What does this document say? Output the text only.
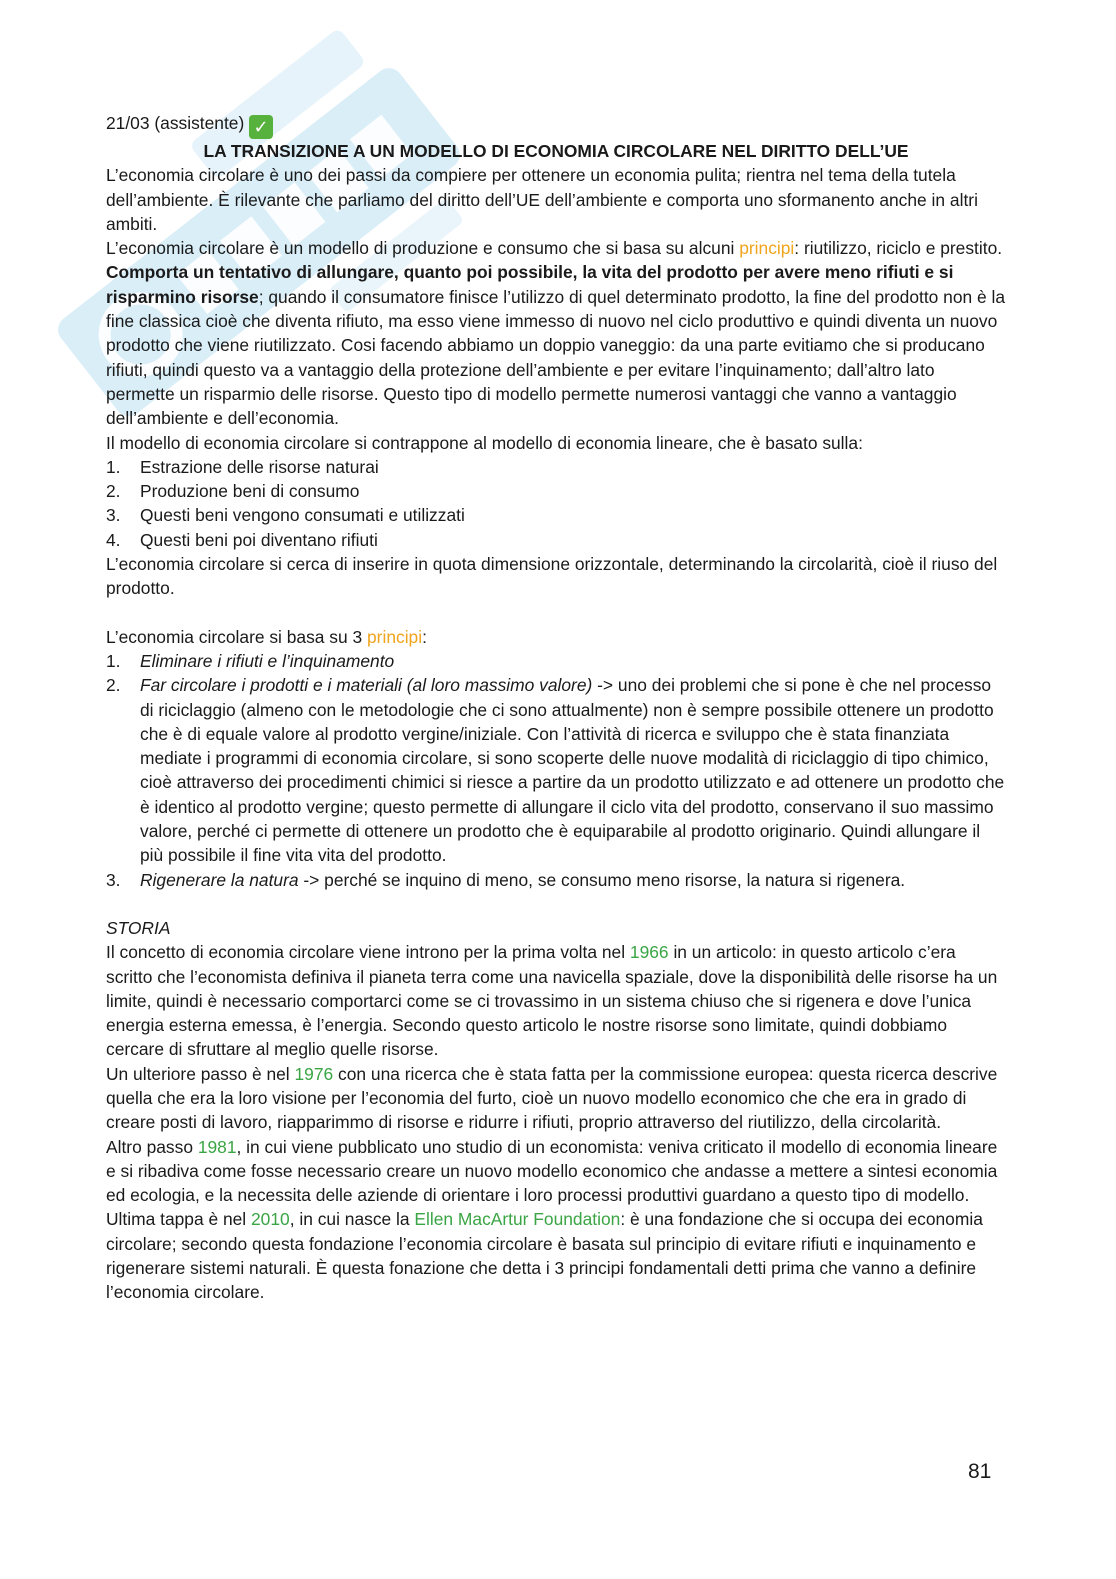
21/03 (assistente) ✓

LA TRANSIZIONE A UN MODELLO DI ECONOMIA CIRCOLARE NEL DIRITTO DELL’UE

L’economia circolare è uno dei passi da compiere per ottenere un economia pulita; rientra nel tema della tutela dell’ambiente. È rilevante che parliamo del diritto dell’UE dell’ambiente e comporta uno sformanento anche in altri ambiti.

L’economia circolare è un modello di produzione e consumo che si basa su alcuni principi: riutilizzo, riciclo e prestito. Comporta un tentativo di allungare, quanto poi possibile, la vita del prodotto per avere meno rifiuti e si risparmino risorse; quando il consumatore finisce l’utilizzo di quel determinato prodotto, la fine del prodotto non è la fine classica cioè che diventa rifiuto, ma esso viene immesso di nuovo nel ciclo produttivo e quindi diventa un nuovo prodotto che viene riutilizzato. Cosi facendo abbiamo un doppio vaneggio: da una parte evitiamo che si producano rifiuti, quindi questo va a vantaggio della protezione dell’ambiente e per evitare l’inquinamento; dall’altro lato permette un risparmio delle risorse. Questo tipo di modello permette numerosi vantaggi che vanno a vantaggio dell’ambiente e dell’economia.

Il modello di economia circolare si contrappone al modello di economia lineare, che è basato sulla:

1. Estrazione delle risorse naturai
2. Produzione beni di consumo
3. Questi beni vengono consumati e utilizzati
4. Questi beni poi diventano rifiuti

L’economia circolare si cerca di inserire in quota dimensione orizzontale, determinando la circolarità, cioè il riuso del prodotto.

L’economia circolare si basa su 3 principi:

1. Eliminare i rifiuti e l’inquinamento
2. Far circolare i prodotti e i materiali (al loro massimo valore) -> uno dei problemi che si pone è che nel processo di riciclaggio (almeno con le metodologie che ci sono attualmente) non è sempre possibile ottenere un prodotto che è di equale valore al prodotto vergine/iniziale. Con l’attività di ricerca e sviluppo che è stata finanziata mediate i programmi di economia circolare, si sono scoperte delle nuove modalità di riciclaggio di tipo chimico, cioè attraverso dei procedimenti chimici si riesce a partire da un prodotto utilizzato e ad ottenere un prodotto che è identico al prodotto vergine; questo permette di allungare il ciclo vita del prodotto, conservano il suo massimo valore, perché ci permette di ottenere un prodotto che è equiparabile al prodotto originario. Quindi allungare il più possibile il fine vita vita del prodotto.
3. Rigenerare la natura -> perché se inquino di meno, se consumo meno risorse, la natura si rigenera.

STORIA

Il concetto di economia circolare viene introno per la prima volta nel 1966 in un articolo: in questo articolo c’era scritto che l’economista definiva il pianeta terra come una navicella spaziale, dove la disponibilità delle risorse ha un limite, quindi è necessario comportarci come se ci trovassimo in un sistema chiuso che si rigenera e dove l’unica energia esterna emessa, è l’energia. Secondo questo articolo le nostre risorse sono limitate, quindi dobbiamo cercare di sfruttare al meglio quelle risorse.

Un ulteriore passo è nel 1976 con una ricerca che è stata fatta per la commissione europea: questa ricerca descrive quella che era la loro visione per l’economia del furto, cioè un nuovo modello economico che che era in grado di creare posti di lavoro, riapparimmo di risorse e ridurre i rifiuti, proprio attraverso del riutilizzo, della circolarità.

Altro passo 1981, in cui viene pubblicato uno studio di un economista: veniva criticato il modello di economia lineare e si ribadiva come fosse necessario creare un nuovo modello economico che andasse a mettere a sintesi economia ed ecologia, e la necessita delle aziende di orientare i loro processi produttivi guardano a questo tipo di modello.

Ultima tappa è nel 2010, in cui nasce la Ellen MacArtur Foundation: è una fondazione che si occupa dei economia circolare; secondo questa fondazione l’economia circolare è basata sul principio di evitare rifiuti e inquinamento e rigenerare sistemi naturali. È questa fonazione che detta i 3 principi fondamentali detti prima che vanno a definire l’economia circolare.

81
